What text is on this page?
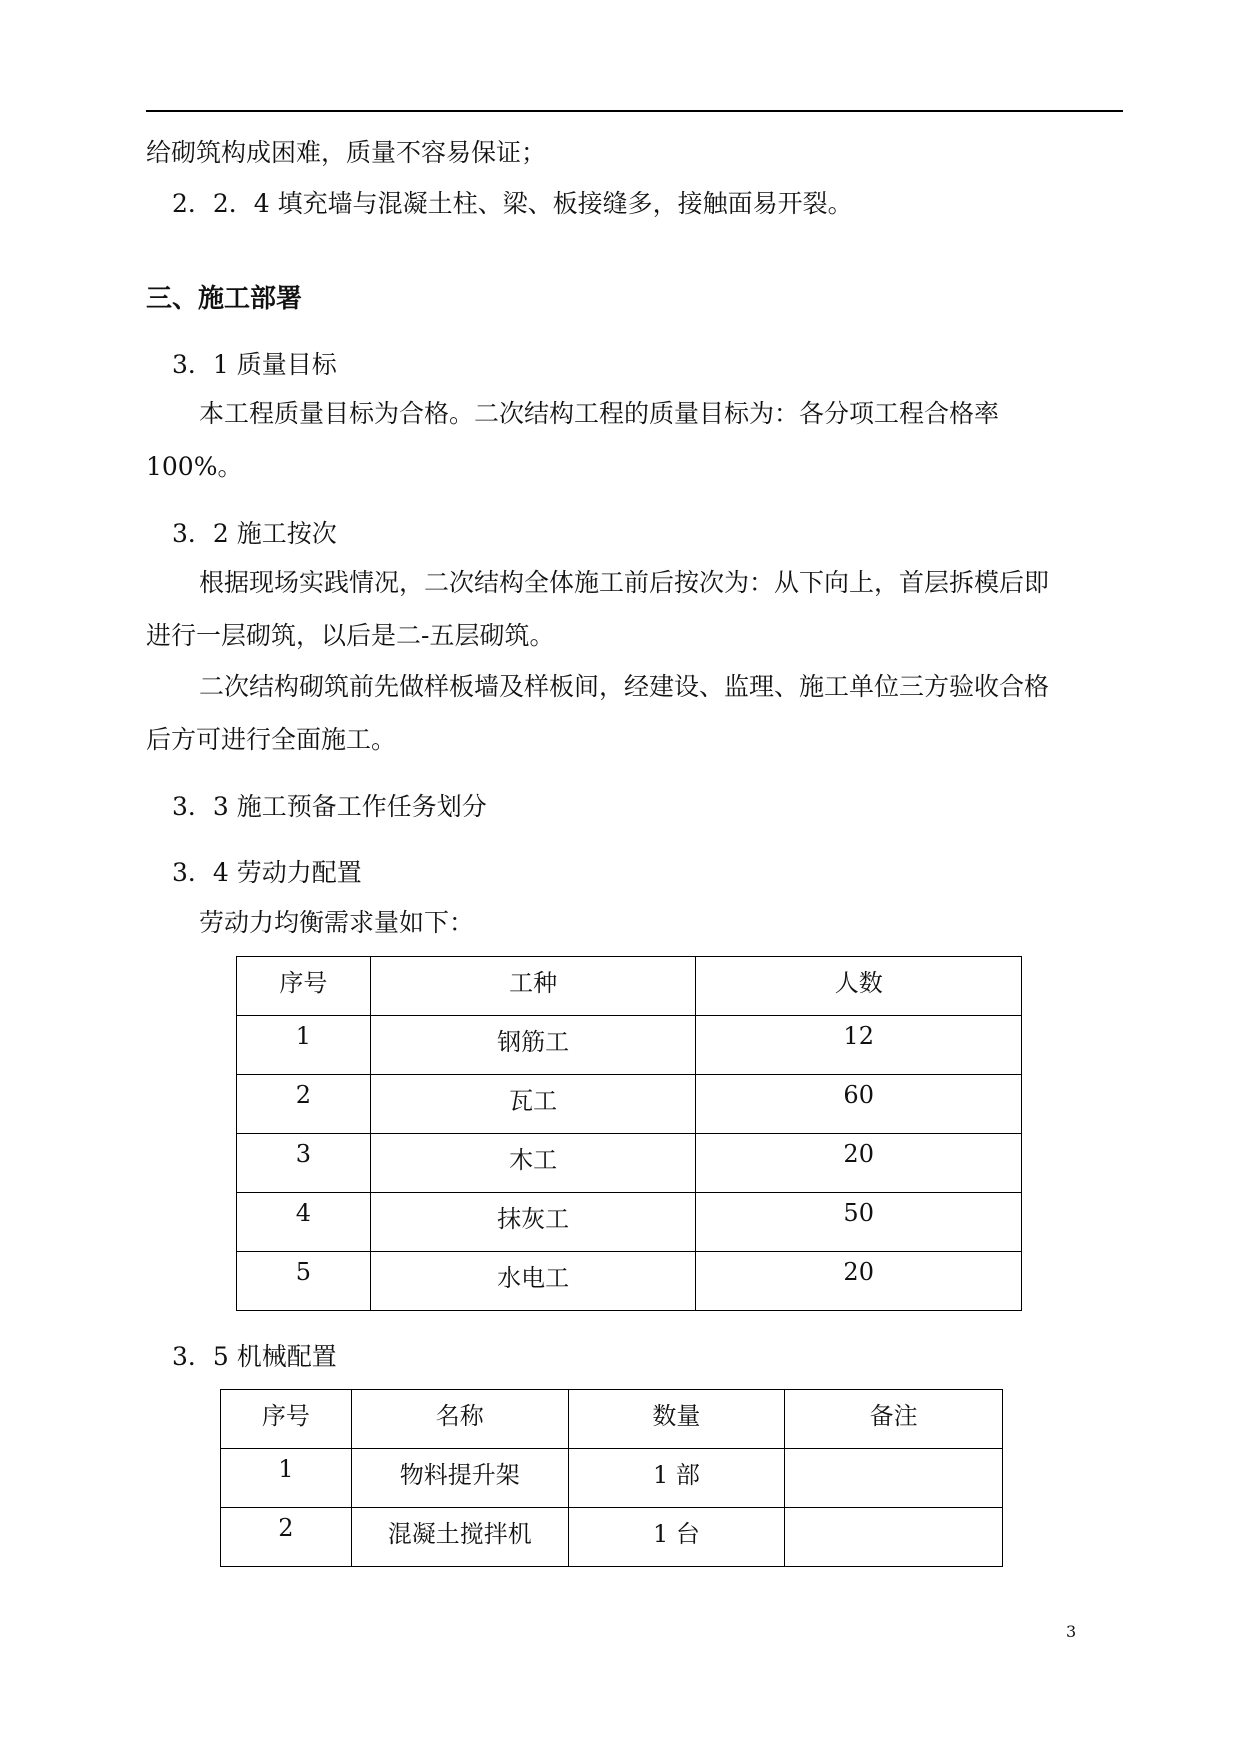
给砌筑构成困难，质量不容易保证；
2．2．4 填充墙与混凝土柱、梁、板接缝多，接触面易开裂。
三、施工部署
3．1 质量目标
本工程质量目标为合格。二次结构工程的质量目标为：各分项工程合格率
100%。
3．2 施工按次
根据现场实践情况，二次结构全体施工前后按次为：从下向上，首层拆模后即
进行一层砌筑，以后是二-五层砌筑。
二次结构砌筑前先做样板墙及样板间，经建设、监理、施工单位三方验收合格
后方可进行全面施工。
3．3 施工预备工作任务划分
3．4 劳动力配置
劳动力均衡需求量如下：
序号	工种	人数
1	钢筋工	12
2	瓦工	60
3	木工	20
4	抹灰工	50
5	水电工	20
3．5 机械配置
序号	名称	数量	备注
1	物料提升架	1 部	
2	混凝土搅拌机	1 台	
3
